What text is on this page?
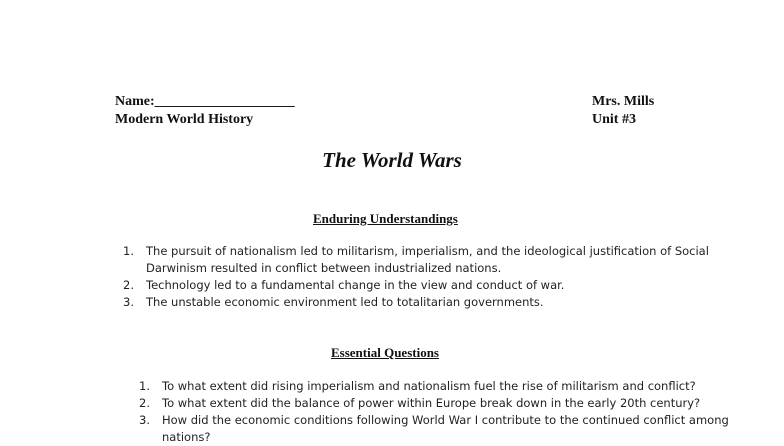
Name:____________________
Modern World History
Mrs. Mills
Unit #3
The World Wars
Enduring Understandings
1.	The pursuit of nationalism led to militarism, imperialism, and the ideological justification of Social Darwinism resulted in conflict between industrialized nations.
2.	Technology led to a fundamental change in the view and conduct of war.
3.	The unstable economic environment led to totalitarian governments.
Essential Questions
1.	To what extent did rising imperialism and nationalism fuel the rise of militarism and conflict?
2.	To what extent did the balance of power within Europe break down in the early 20th century?
3.	How did the economic conditions following World War I contribute to the continued conflict among nations?
